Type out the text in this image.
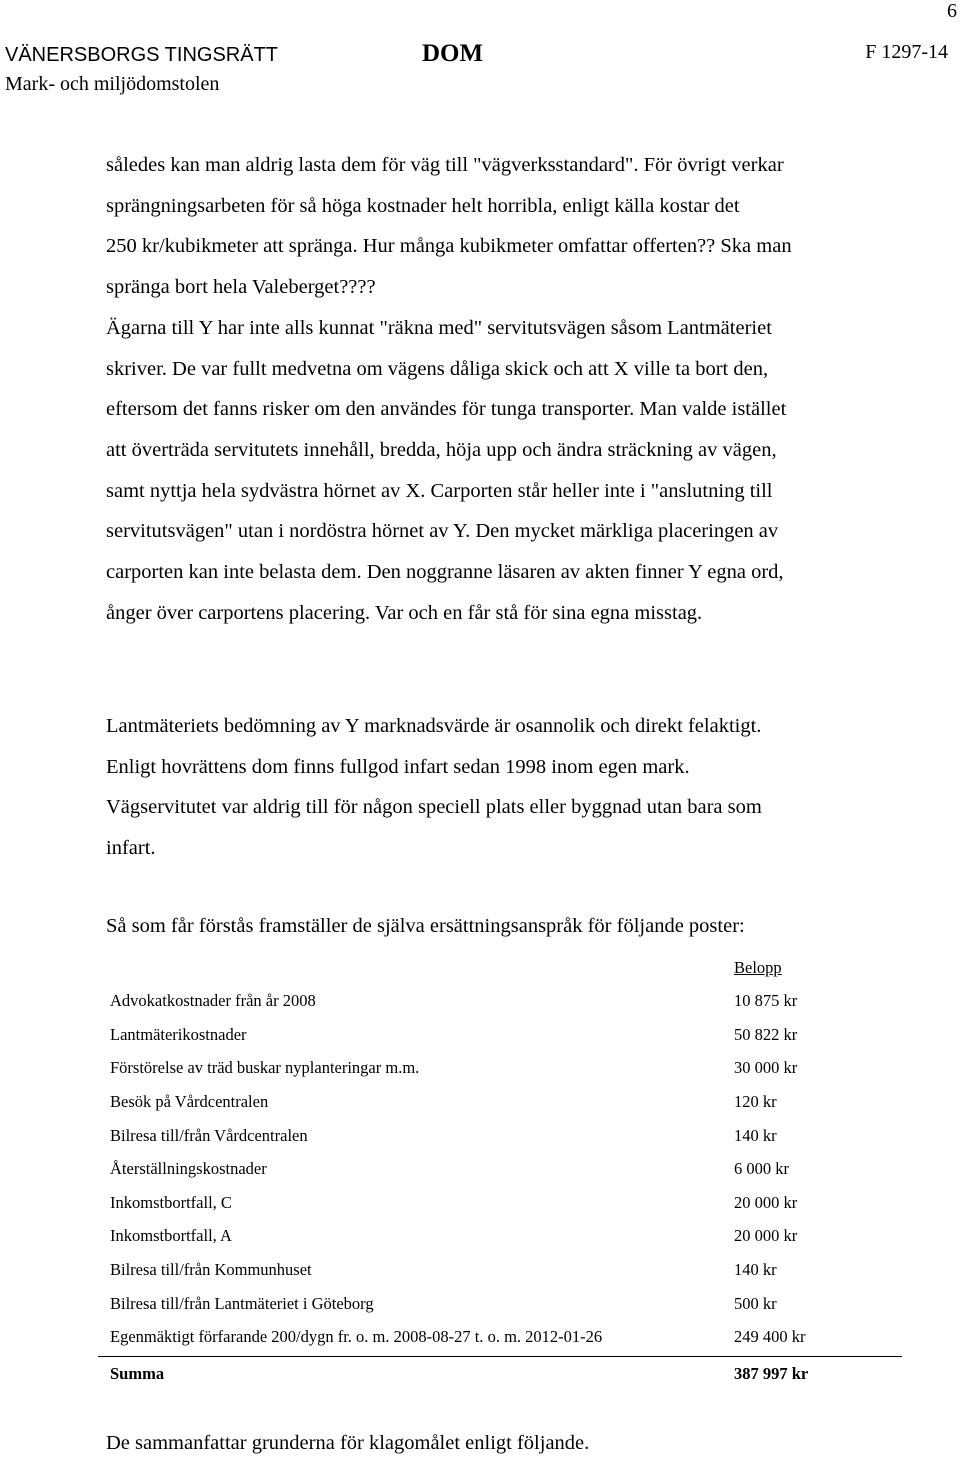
6
VÄNERSBORGS TINGSRÄTT
Mark- och miljödomstolen
DOM	F 1297-14
således kan man aldrig lasta dem för väg till "vägverksstandard". För övrigt verkar
sprängningsarbeten för så höga kostnader helt horribla, enligt källa kostar det
250 kr/kubikmeter att spränga. Hur många kubikmeter omfattar offerten?? Ska man
spränga bort hela Valeberget????
Ägarna till Y har inte alls kunnat "räkna med" servitutsvägen såsom Lantmäteriet
skriver. De var fullt medvetna om vägens dåliga skick och att X ville ta bort den,
eftersom det fanns risker om den användes för tunga transporter. Man valde istället
att överträda servitutets innehåll, bredda, höja upp och ändra sträckning av vägen,
samt nyttja hela sydvästra hörnet av X. Carporten står heller inte i "anslutning till
servitutsvägen" utan i nordöstra hörnet av Y. Den mycket märkliga placeringen av
carporten kan inte belasta dem. Den noggranne läsaren av akten finner Y egna ord,
ånger över carportens placering. Var och en får stå för sina egna misstag.
Lantmäteriets bedömning av Y marknadsvärde är osannolik och direkt felaktigt.
Enligt hovrättens dom finns fullgod infart sedan 1998 inom egen mark.
Vägservitutet var aldrig till för någon speciell plats eller byggnad utan bara som
infart.
Så som får förstås framställer de själva ersättningsanspråk för följande poster:
Belopp
Advokatkostnader från år 2008	10 875 kr
Lantmäterikostnader	50 822 kr
Förstörelse av träd buskar nyplanteringar m.m.	30 000 kr
Besök på Vårdcentralen	120 kr
Bilresa till/från Vårdcentralen	140 kr
Återställningskostnader	6 000 kr
Inkomstbortfall, C	20 000 kr
Inkomstbortfall, A	20 000 kr
Bilresa till/från Kommunhuset	140 kr
Bilresa till/från Lantmäteriet i Göteborg	500 kr
Egenmäktigt förfarande 200/dygn fr. o. m. 2008-08-27 t. o. m. 2012-01-26	249 400 kr
Summa	387 997 kr
De sammanfattar grunderna för klagomålet enligt följande.
